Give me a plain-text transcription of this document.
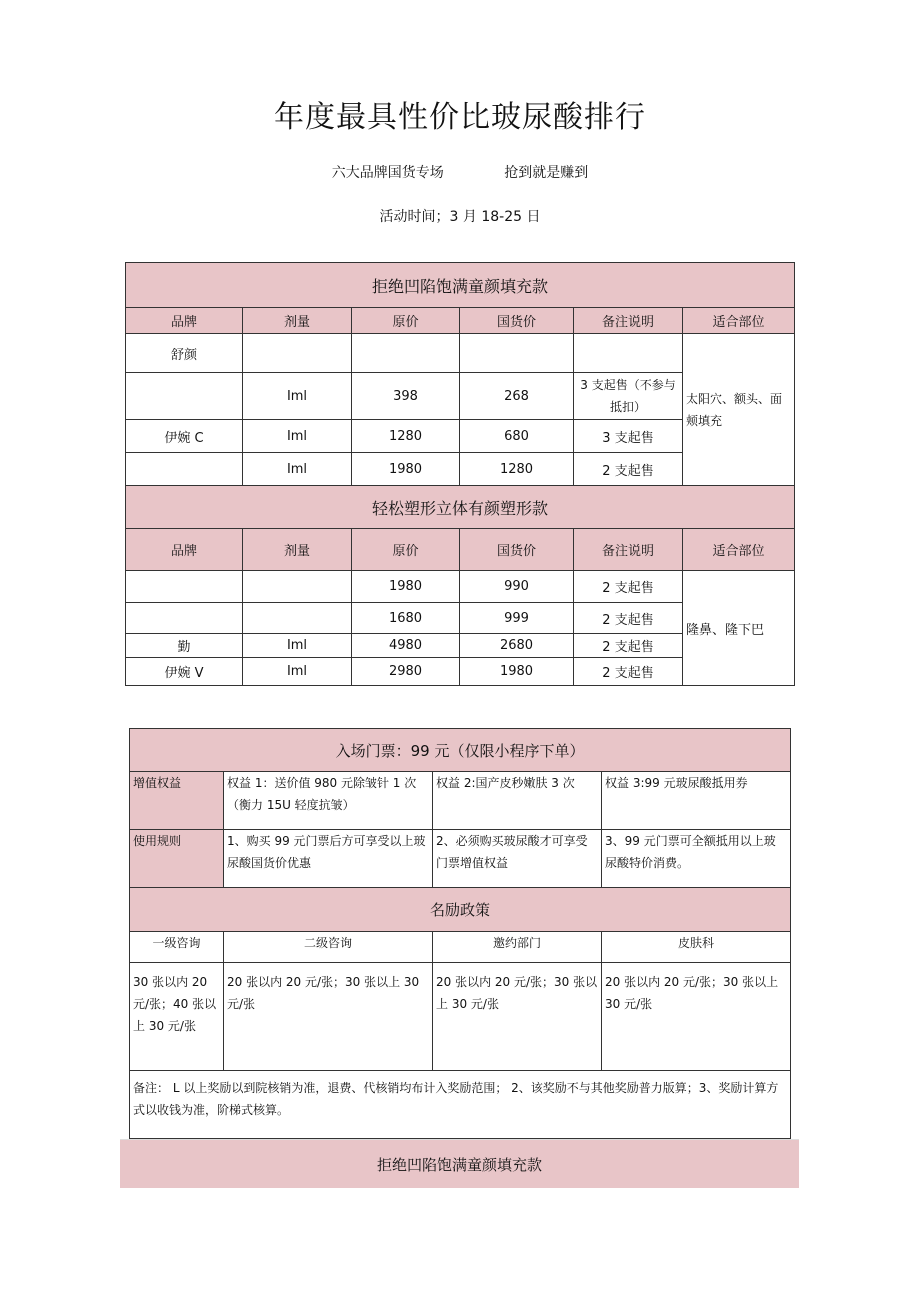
年度最具性价比玻尿酸排行
六大品牌国货专场	抢到就是赚到
活动时间；3 月 18-25 日
拒绝凹陷饱满童颜填充款					
品牌	剂量	原价	国货价	备注说明	适合部位
舒颜					太阳穴、额头、面颊填充
	Iml	398	268	3 支起售（不参与抵扣）	
伊婉 C	Iml	1280	680	3 支起售	
	Iml	1980	1280	2 支起售	
轻松塑形立体有颜塑形款					
品牌	剂量	原价	国货价	备注说明	适合部位
		1980	990	2 支起售	隆鼻、隆下巴
		1680	999	2 支起售	
勤	Iml	4980	2680	2 支起售	
伊婉 V	Iml	2980	1980	2 支起售	
入场门票：99 元（仅限小程序下单）			
增值权益	权益 1：送价值 980 元除皱针 1 次（衡力 15U 轻度抗皱）	权益 2:国产皮秒嫩肤 3 次	权益 3:99 元玻尿酸抵用券
使用规则	1、购买 99 元门票后方可享受以上玻尿酸国货价优惠	2、必须购买玻尿酸才可享受门票增值权益	3、99 元门票可全额抵用以上玻尿酸特价消费。
名励政策			
一级咨询	二级咨询	邀约部门	皮肤科
30 张以内 20 元/张；40 张以上 30 元/张	20 张以内 20 元/张；30 张以上 30 元/张	20 张以内 20 元/张；30 张以上 30 元/张	20 张以内 20 元/张；30 张以上 30 元/张
备注： L 以上奖励以到院核销为准，退费、代核销均布计入奖励范围； 2、该奖励不与其他奖励普力版算；3、奖励计算方式以收钱为准，阶梯式核算。			
拒绝凹陷饱满童颜填充款
